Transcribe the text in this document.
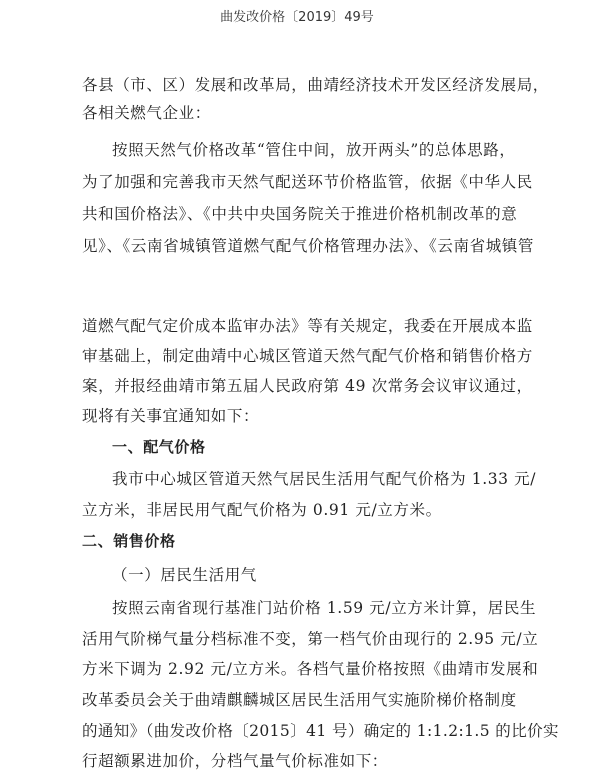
曲发改价格〔2019〕49号
各县（市、区）发展和改革局，曲靖经济技术开发区经济发展局，
各相关燃气企业：
按照天然气价格改革“管住中间，放开两头”的总体思路，
为了加强和完善我市天然气配送环节价格监管，依据《中华人民
共和国价格法》、《中共中央国务院关于推进价格机制改革的意
见》、《云南省城镇管道燃气配气价格管理办法》、《云南省城镇管
道燃气配气定价成本监审办法》等有关规定，我委在开展成本监
审基础上，制定曲靖中心城区管道天然气配气价格和销售价格方
案，并报经曲靖市第五届人民政府第 49 次常务会议审议通过，
现将有关事宜通知如下：
一、配气价格
我市中心城区管道天然气居民生活用气配气价格为 1.33 元/
立方米，非居民用气配气价格为 0.91 元/立方米。
二、销售价格
（一）居民生活用气
按照云南省现行基准门站价格 1.59 元/立方米计算，居民生
活用气阶梯气量分档标准不变，第一档气价由现行的 2.95 元/立
方米下调为 2.92 元/立方米。各档气量价格按照《曲靖市发展和
改革委员会关于曲靖麒麟城区居民生活用气实施阶梯价格制度
的通知》（曲发改价格〔2015〕41 号）确定的 1:1.2:1.5 的比价实
行超额累进加价，分档气量气价标准如下：
